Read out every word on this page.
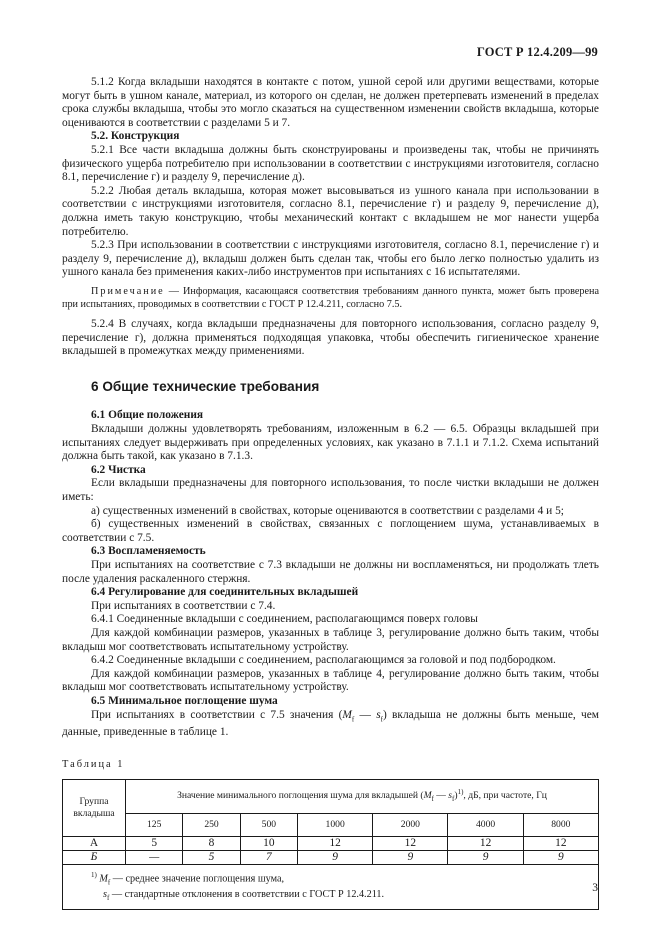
ГОСТ Р 12.4.209—99

5.1.2 Когда вкладыши находятся в контакте с потом, ушной серой или другими веществами, которые могут быть в ушном канале, материал, из которого он сделан, не должен претерпевать изменений в пределах срока службы вкладыша, чтобы это могло сказаться на существенном изменении свойств вкладыша, которые оцениваются в соответствии с разделами 5 и 7.

5.2. Конструкция

5.2.1 Все части вкладыша должны быть сконструированы и произведены так, чтобы не причинять физического ущерба потребителю при использовании в соответствии с инструкциями изготовителя, согласно 8.1, перечисление г) и разделу 9, перечисление д).

5.2.2 Любая деталь вкладыша, которая может высовываться из ушного канала при использовании в соответствии с инструкциями изготовителя, согласно 8.1, перечисление г) и разделу 9, перечисление д), должна иметь такую конструкцию, чтобы механический контакт с вкладышем не мог нанести ущерба потребителю.

5.2.3 При использовании в соответствии с инструкциями изготовителя, согласно 8.1, перечисление г) и разделу 9, перечисление д), вкладыш должен быть сделан так, чтобы его было легко полностью удалить из ушного канала без применения каких-либо инструментов при испытаниях с 16 испытателями.

Примечание — Информация, касающаяся соответствия требованиям данного пункта, может быть проверена при испытаниях, проводимых в соответствии с ГОСТ Р 12.4.211, согласно 7.5.

5.2.4 В случаях, когда вкладыши предназначены для повторного использования, согласно разделу 9, перечисление г), должна применяться подходящая упаковка, чтобы обеспечить гигиеническое хранение вкладышей в промежутках между применениями.

6 Общие технические требования

6.1 Общие положения

Вкладыши должны удовлетворять требованиям, изложенным в 6.2 — 6.5. Образцы вкладышей при испытаниях следует выдерживать при определенных условиях, как указано в 7.1.1 и 7.1.2. Схема испытаний должна быть такой, как указано в 7.1.3.

6.2 Чистка

Если вкладыши предназначены для повторного использования, то после чистки вкладыши не должен иметь:

а) существенных изменений в свойствах, которые оцениваются в соответствии с разделами 4 и 5;

б) существенных изменений в свойствах, связанных с поглощением шума, устанавливаемых в соответствии с 7.5.

6.3 Воспламеняемость

При испытаниях на соответствие с 7.3 вкладыши не должны ни воспламеняться, ни продолжать тлеть после удаления раскаленного стержня.

6.4 Регулирование для соединительных вкладышей

При испытаниях в соответствии с 7.4.

6.4.1 Соединенные вкладыши с соединением, располагающимся поверх головы

Для каждой комбинации размеров, указанных в таблице 3, регулирование должно быть таким, чтобы вкладыш мог соответствовать испытательному устройству.

6.4.2 Соединенные вкладыши с соединением, располагающимся за головой и под подбородком.

Для каждой комбинации размеров, указанных в таблице 4, регулирование должно быть таким, чтобы вкладыш мог соответствовать испытательному устройству.

6.5 Минимальное поглощение шума

При испытаниях в соответствии с 7.5 значения ($M_f$ — $s_f$) вкладыша не должны быть меньше, чем данные, приведенные в таблице 1.

Таблица 1
Группа вкладыша	Значение минимального поглощения шума для вкладышей ($M_f$ — $s_f)^{1)}$, дБ, при частоте, Гц						
	125	250	500	1000	2000	4000	8000
А	5	8	10	12	12	12	12
Б	—	5	7	9	9	9	9

$^{1)}$ $M_f$ — среднее значение поглощения шума,
$s_f$ — стандартные отклонения в соответствии с ГОСТ Р 12.4.211.							
3
